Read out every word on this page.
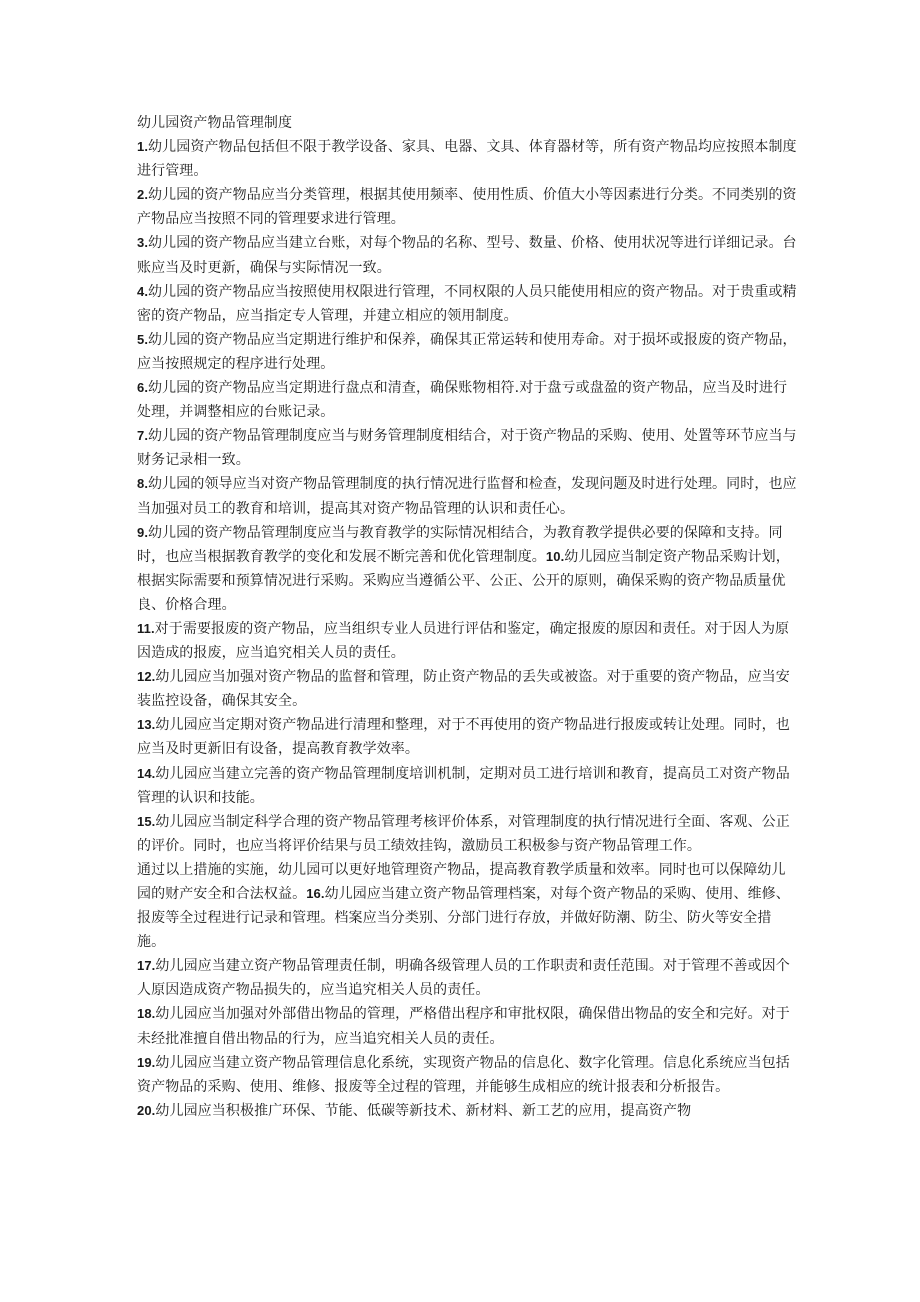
幼儿园资产物品管理制度

1.幼儿园资产物品包括但不限于教学设备、家具、电器、文具、体育器材等，所有资产物品均应按照本制度进行管理。

2.幼儿园的资产物品应当分类管理，根据其使用频率、使用性质、价值大小等因素进行分类。不同类别的资产物品应当按照不同的管理要求进行管理。

3.幼儿园的资产物品应当建立台账，对每个物品的名称、型号、数量、价格、使用状况等进行详细记录。台账应当及时更新，确保与实际情况一致。

4.幼儿园的资产物品应当按照使用权限进行管理，不同权限的人员只能使用相应的资产物品。对于贵重或精密的资产物品，应当指定专人管理，并建立相应的领用制度。

5.幼儿园的资产物品应当定期进行维护和保养，确保其正常运转和使用寿命。对于损坏或报废的资产物品，应当按照规定的程序进行处理。

6.幼儿园的资产物品应当定期进行盘点和清查，确保账物相符.对于盘亏或盘盈的资产物品，应当及时进行处理，并调整相应的台账记录。

7.幼儿园的资产物品管理制度应当与财务管理制度相结合，对于资产物品的采购、使用、处置等环节应当与财务记录相一致。

8.幼儿园的领导应当对资产物品管理制度的执行情况进行监督和检查，发现问题及时进行处理。同时，也应当加强对员工的教育和培训，提高其对资产物品管理的认识和责任心。

9.幼儿园的资产物品管理制度应当与教育教学的实际情况相结合，为教育教学提供必要的保障和支持。同时，也应当根据教育教学的变化和发展不断完善和优化管理制度。10.幼儿园应当制定资产物品采购计划，根据实际需要和预算情况进行采购。采购应当遵循公平、公正、公开的原则，确保采购的资产物品质量优良、价格合理。

11.对于需要报废的资产物品，应当组织专业人员进行评估和鉴定，确定报废的原因和责任。对于因人为原因造成的报废，应当追究相关人员的责任。

12.幼儿园应当加强对资产物品的监督和管理，防止资产物品的丢失或被盗。对于重要的资产物品，应当安装监控设备，确保其安全。

13.幼儿园应当定期对资产物品进行清理和整理，对于不再使用的资产物品进行报废或转让处理。同时，也应当及时更新旧有设备，提高教育教学效率。

14.幼儿园应当建立完善的资产物品管理制度培训机制，定期对员工进行培训和教育，提高员工对资产物品管理的认识和技能。

15.幼儿园应当制定科学合理的资产物品管理考核评价体系，对管理制度的执行情况进行全面、客观、公正的评价。同时，也应当将评价结果与员工绩效挂钩，激励员工积极参与资产物品管理工作。

通过以上措施的实施，幼儿园可以更好地管理资产物品，提高教育教学质量和效率。同时也可以保障幼儿园的财产安全和合法权益。16.幼儿园应当建立资产物品管理档案，对每个资产物品的采购、使用、维修、报废等全过程进行记录和管理。档案应当分类别、分部门进行存放，并做好防潮、防尘、防火等安全措施。

17.幼儿园应当建立资产物品管理责任制，明确各级管理人员的工作职责和责任范围。对于管理不善或因个人原因造成资产物品损失的，应当追究相关人员的责任。

18.幼儿园应当加强对外部借出物品的管理，严格借出程序和审批权限，确保借出物品的安全和完好。对于未经批准擅自借出物品的行为，应当追究相关人员的责任。

19.幼儿园应当建立资产物品管理信息化系统，实现资产物品的信息化、数字化管理。信息化系统应当包括资产物品的采购、使用、维修、报废等全过程的管理，并能够生成相应的统计报表和分析报告。

20.幼儿园应当积极推广环保、节能、低碳等新技术、新材料、新工艺的应用，提高资产物
